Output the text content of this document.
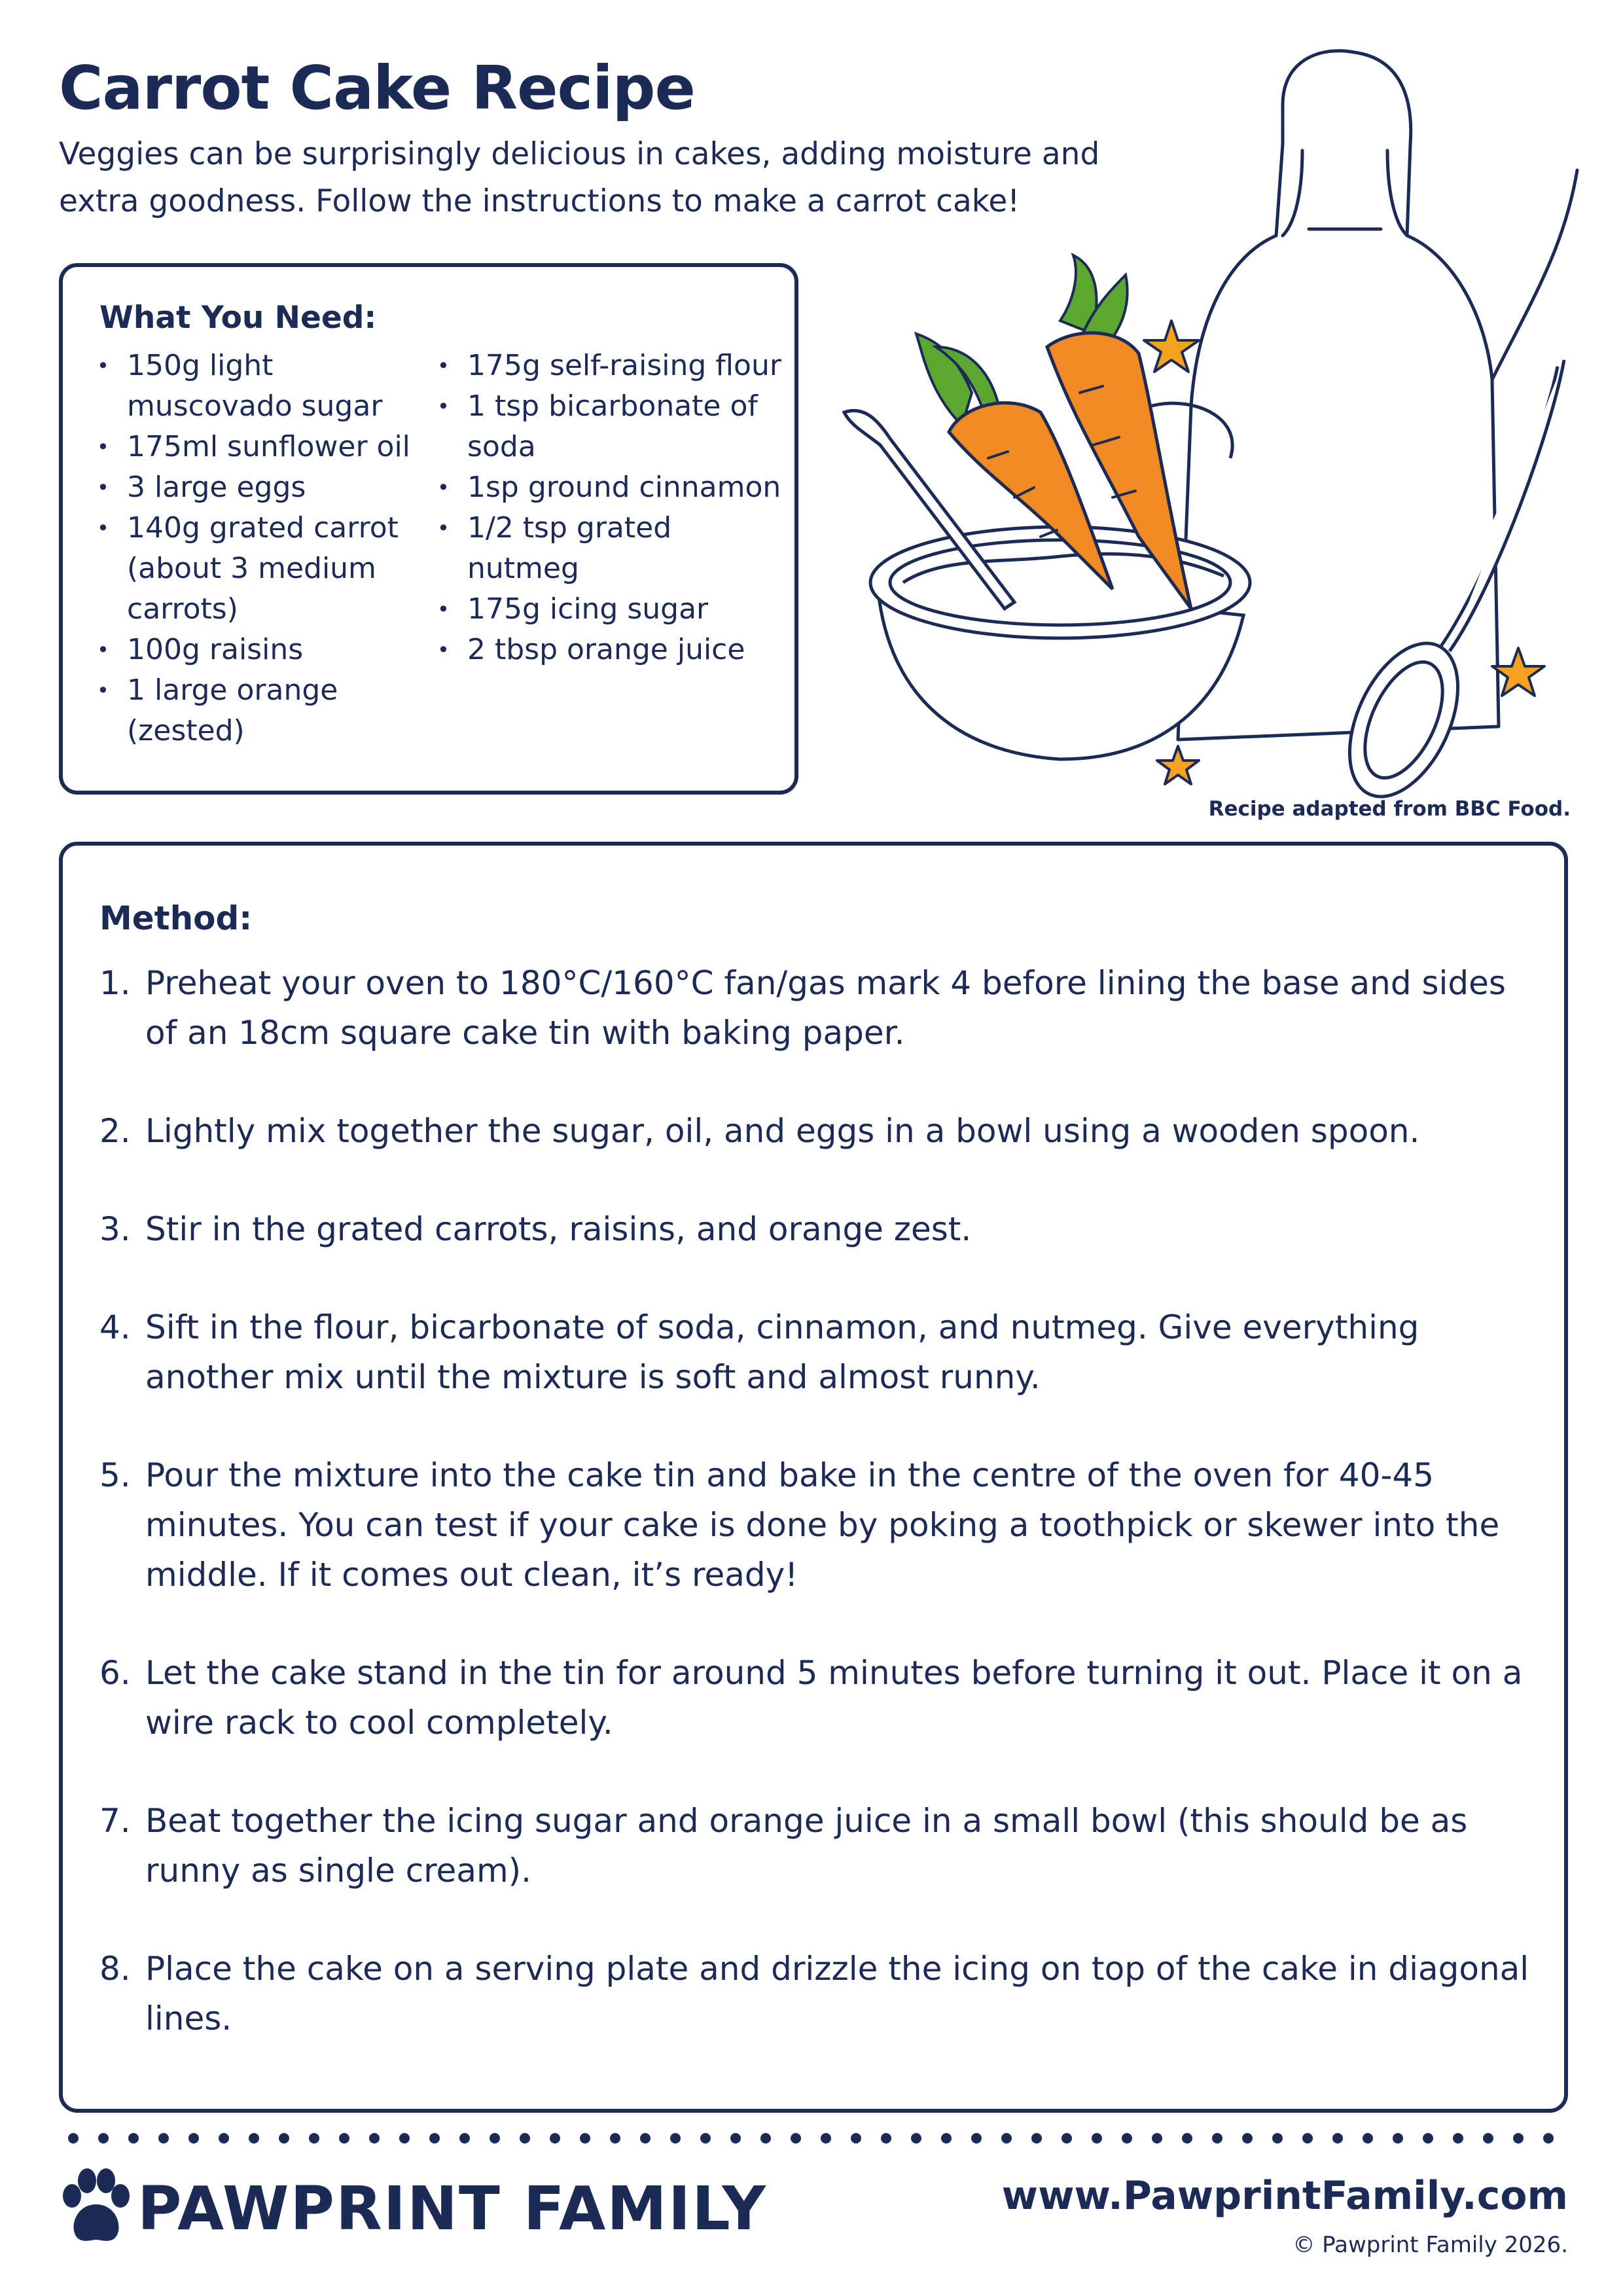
Carrot Cake Recipe

Veggies can be surprisingly delicious in cakes, adding moisture and extra goodness. Follow the instructions to make a carrot cake!

What You Need:
• 150g light muscovado sugar
• 175ml sunflower oil
• 3 large eggs
• 140g grated carrot (about 3 medium carrots)
• 100g raisins
• 1 large orange (zested)
• 175g self-raising flour
• 1 tsp bicarbonate of soda
• 1sp ground cinnamon
• 1/2 tsp grated nutmeg
• 175g icing sugar
• 2 tbsp orange juice

Recipe adapted from BBC Food.

Method:
1. Preheat your oven to 180°C/160°C fan/gas mark 4 before lining the base and sides of an 18cm square cake tin with baking paper.
2. Lightly mix together the sugar, oil, and eggs in a bowl using a wooden spoon.
3. Stir in the grated carrots, raisins, and orange zest.
4. Sift in the flour, bicarbonate of soda, cinnamon, and nutmeg. Give everything another mix until the mixture is soft and almost runny.
5. Pour the mixture into the cake tin and bake in the centre of the oven for 40-45 minutes. You can test if your cake is done by poking a toothpick or skewer into the middle. If it comes out clean, it’s ready!
6. Let the cake stand in the tin for around 5 minutes before turning it out. Place it on a wire rack to cool completely.
7. Beat together the icing sugar and orange juice in a small bowl (this should be as runny as single cream).
8. Place the cake on a serving plate and drizzle the icing on top of the cake in diagonal lines.
PAWPRINT FAMILY	www.PawprintFamily.com

© Pawprint Family 2026.
